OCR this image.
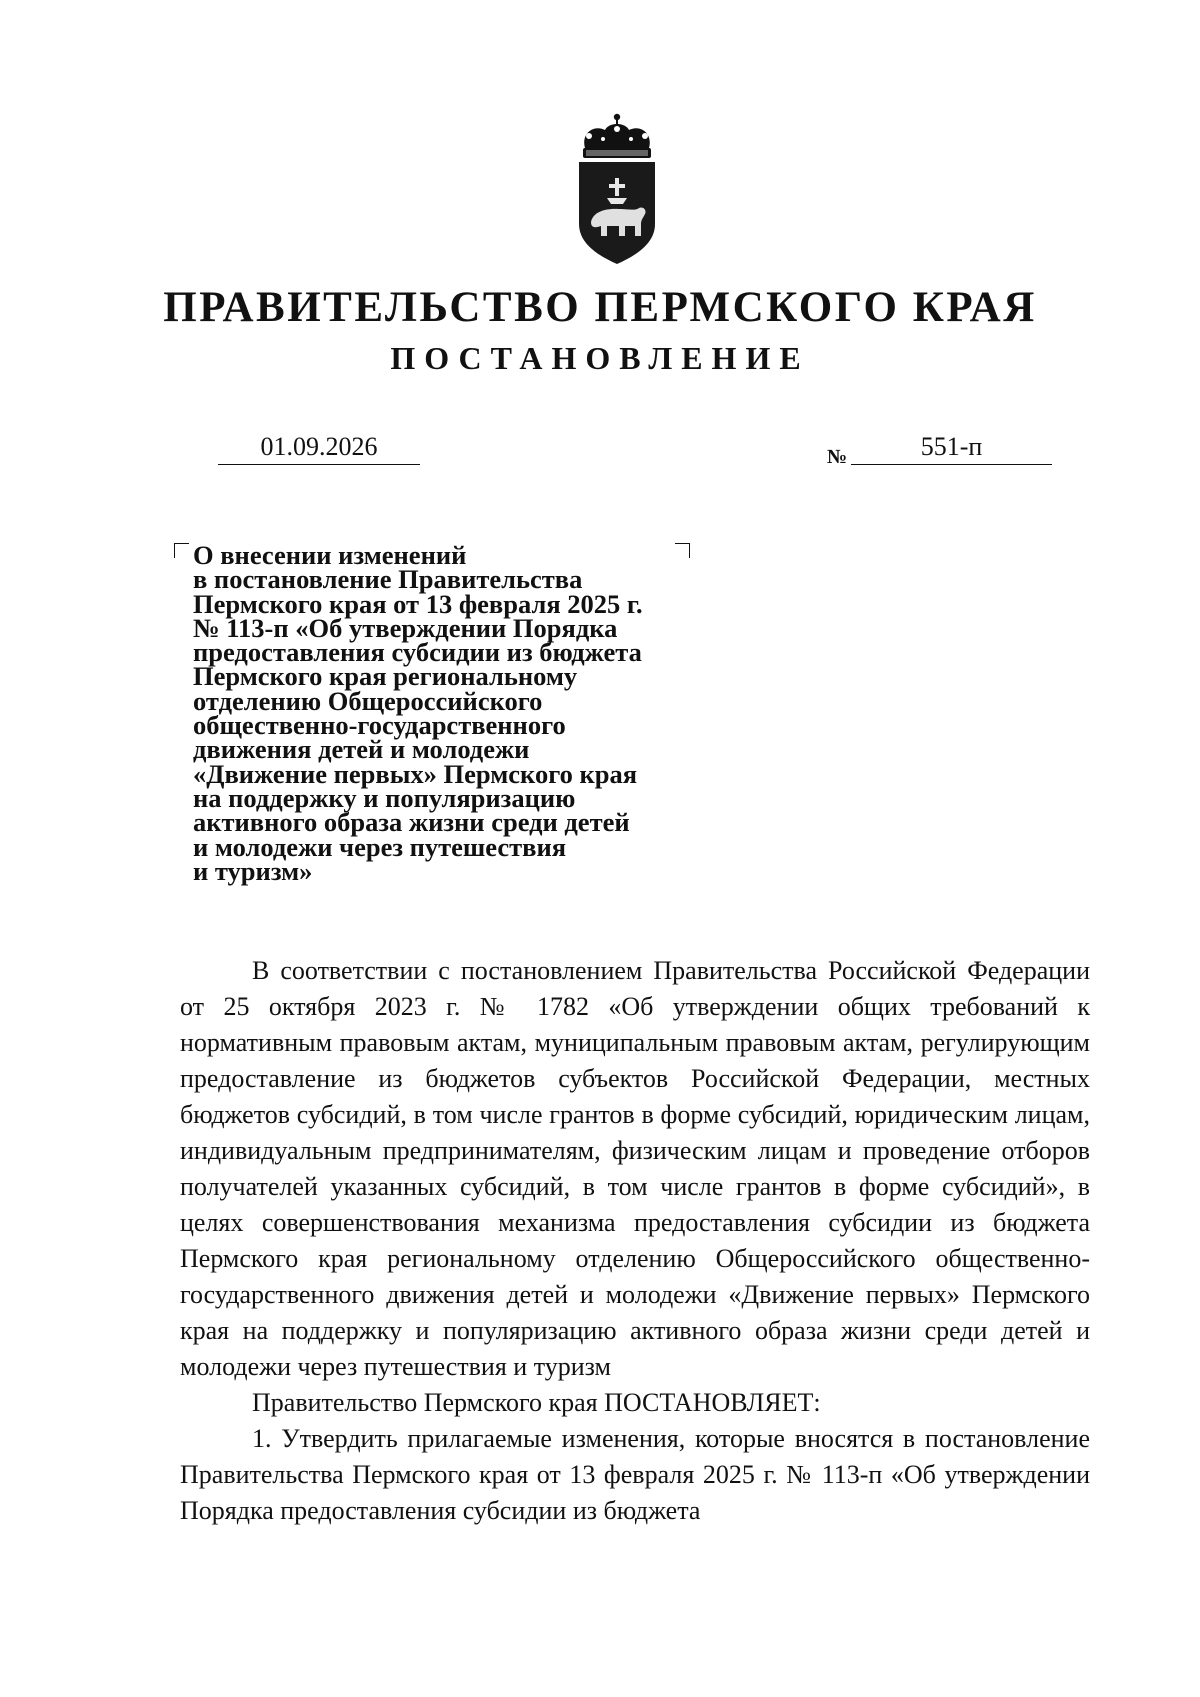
ПРАВИТЕЛЬСТВО ПЕРМСКОГО КРАЯ
ПОСТАНОВЛЕНИЕ
01.09.2026	№	551-п
О внесении изменений
в постановление Правительства
Пермского края от 13 февраля 2025 г.
№ 113-п «Об утверждении Порядка
предоставления субсидии из бюджета
Пермского края региональному
отделению Общероссийского
общественно-государственного
движения детей и молодежи
«Движение первых» Пермского края
на поддержку и популяризацию
активного образа жизни среди детей
и молодежи через путешествия
и туризм»

В соответствии с постановлением Правительства Российской Федерации от 25 октября 2023 г. № 1782 «Об утверждении общих требований к нормативным правовым актам, муниципальным правовым актам, регулирующим предоставление из бюджетов субъектов Российской Федерации, местных бюджетов субсидий, в том числе грантов в форме субсидий, юридическим лицам, индивидуальным предпринимателям, физическим лицам и проведение отборов получателей указанных субсидий, в том числе грантов в форме субсидий», в целях совершенствования механизма предоставления субсидии из бюджета Пермского края региональному отделению Общероссийского общественно-государственного движения детей и молодежи «Движение первых» Пермского края на поддержку и популяризацию активного образа жизни среди детей и молодежи через путешествия и туризм

Правительство Пермского края ПОСТАНОВЛЯЕТ:

1. Утвердить прилагаемые изменения, которые вносятся в постановление Правительства Пермского края от 13 февраля 2025 г. № 113-п «Об утверждении Порядка предоставления субсидии из бюджета
